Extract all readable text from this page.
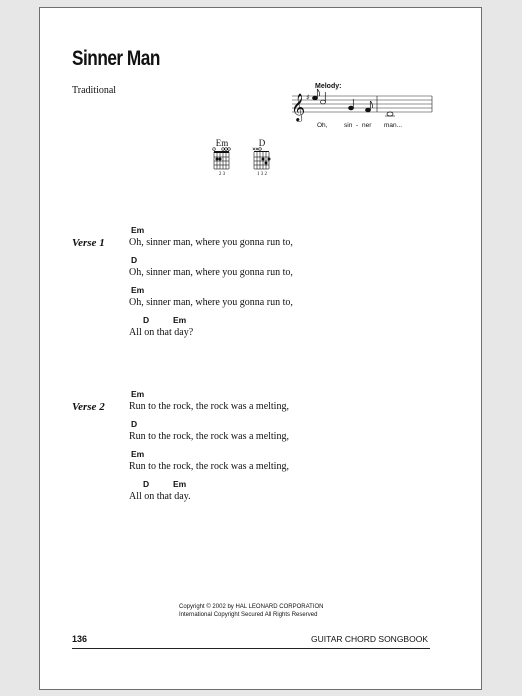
Sinner Man
Traditional
𝄞 ♯
Melody:
Oh,	sin - ner man...
Em
2 3
D
1 3 2
Verse 1
Em
Oh, sinner man, where you gonna run to,
D
Oh, sinner man, where you gonna run to,
Em
Oh, sinner man, where you gonna run to,
D	Em
All on that day?
Verse 2
Em
Run to the rock, the rock was a melting,
D
Run to the rock, the rock was a melting,
Em
Run to the rock, the rock was a melting,
D	Em
All on that day.
Copyright © 2002 by HAL LEONARD CORPORATION
International Copyright Secured All Rights Reserved
136	GUITAR CHORD SONGBOOK
